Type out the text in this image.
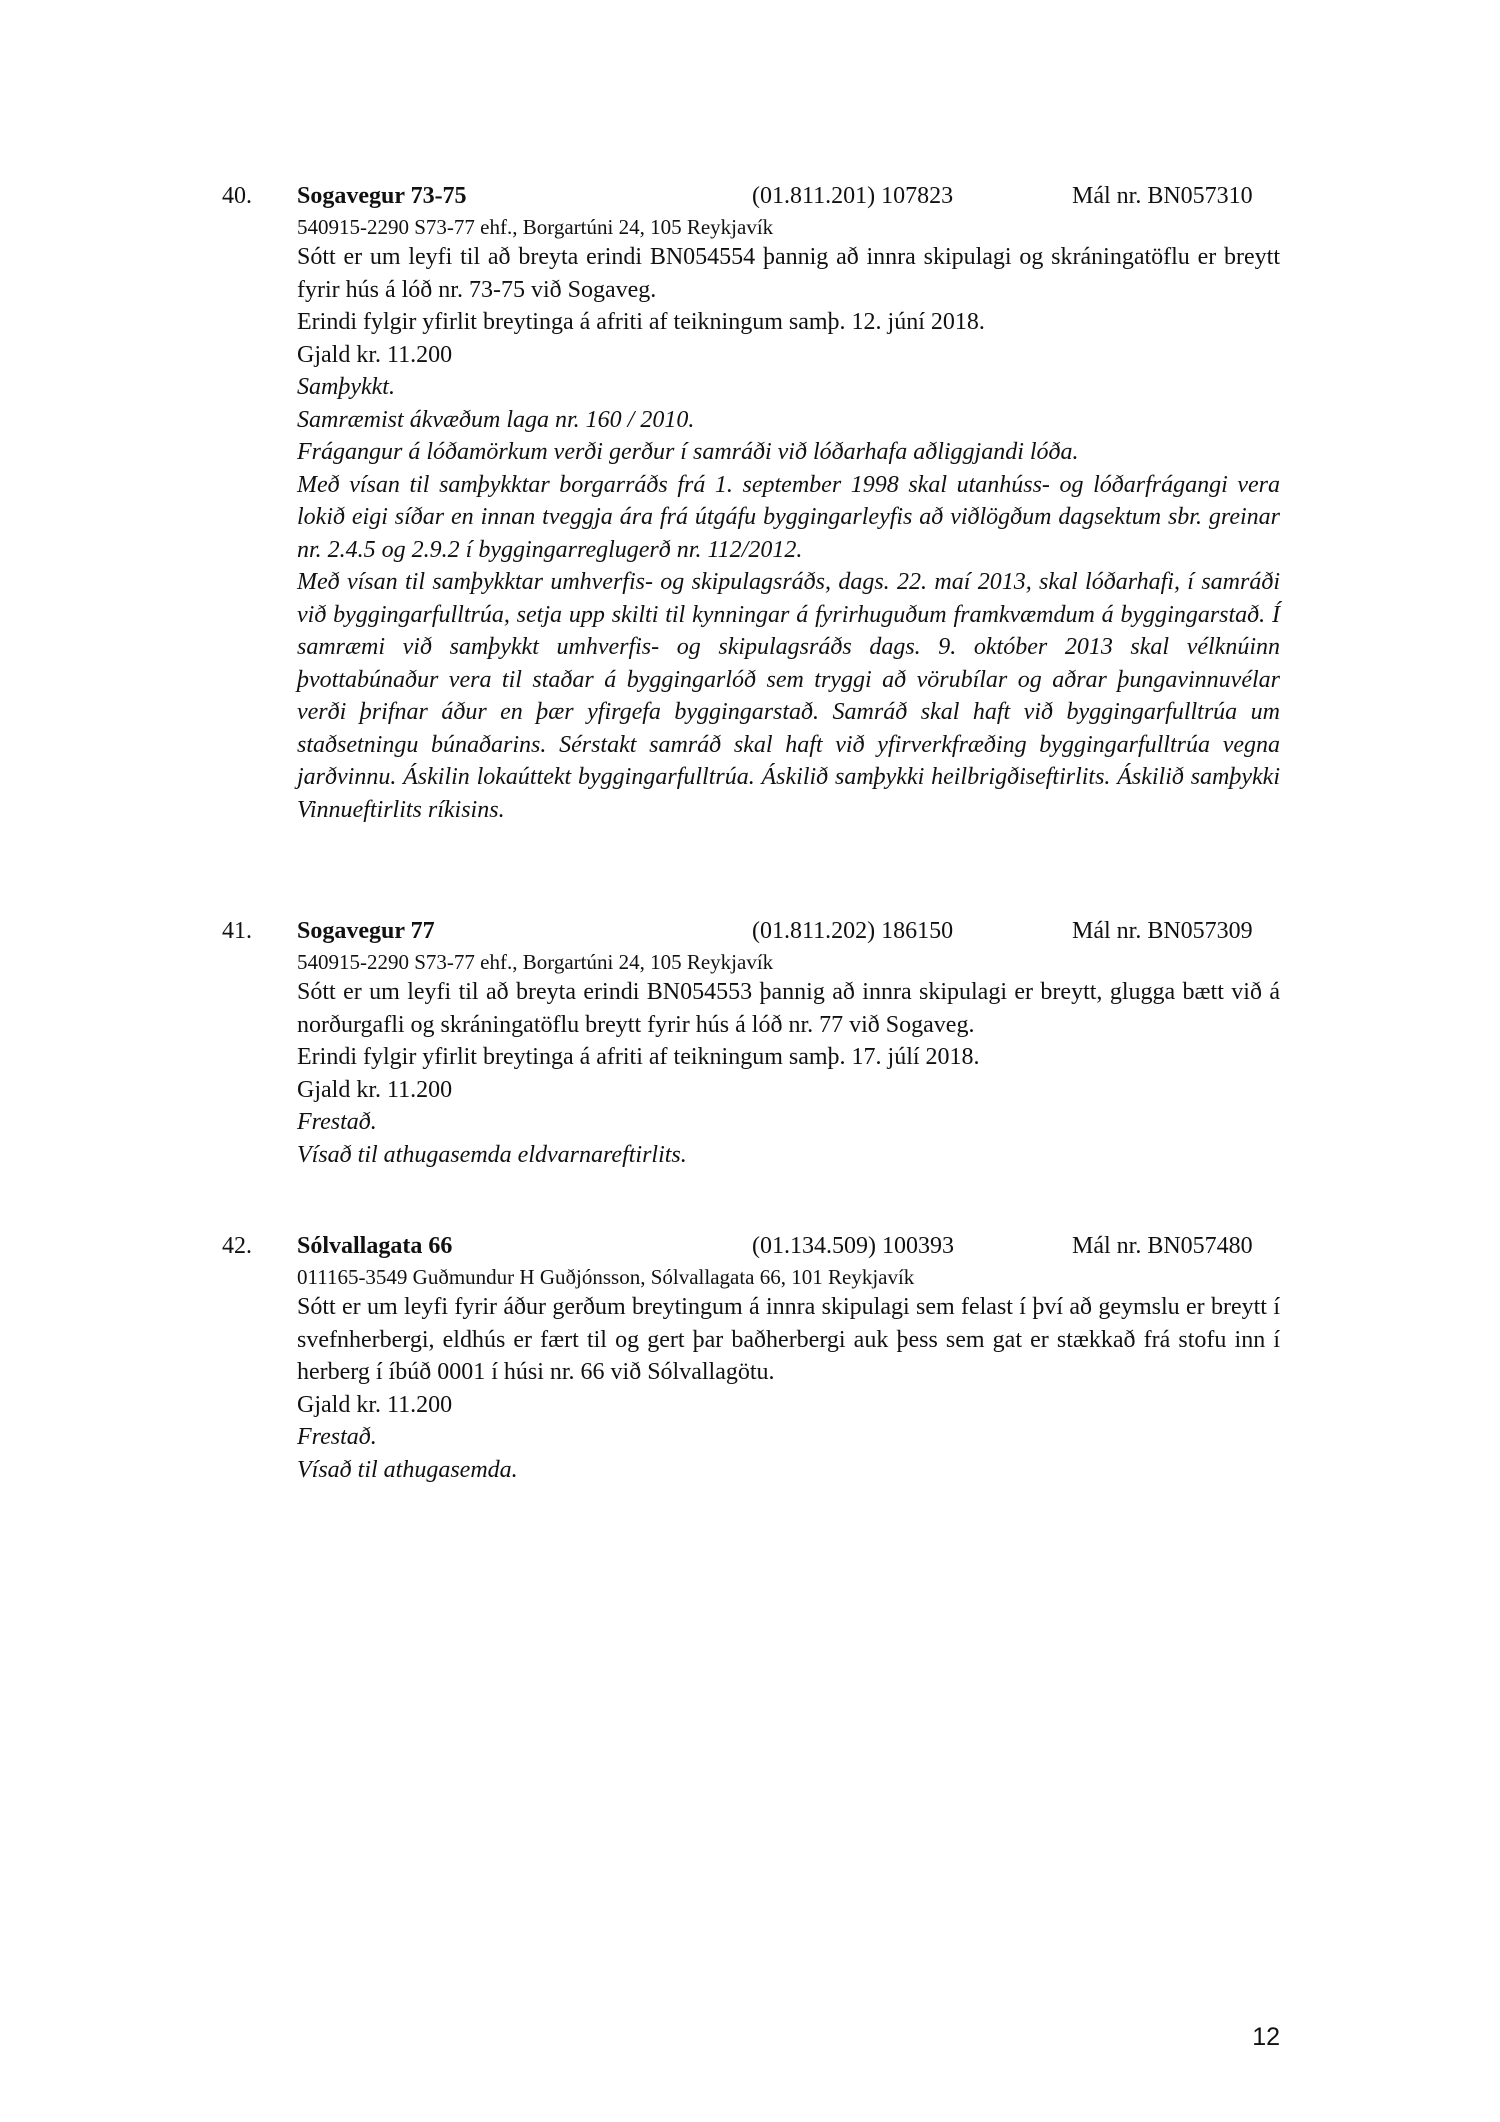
40. Sogavegur 73-75	(01.811.201) 107823	Mál nr. BN057310
540915-2290 S73-77 ehf., Borgartúni 24, 105 Reykjavík
Sótt er um leyfi til að breyta erindi BN054554 þannig að innra skipulagi og skráningatöflu er breytt fyrir hús á lóð nr. 73-75 við Sogaveg.
Erindi fylgir yfirlit breytinga á afriti af teikningum samþ. 12. júní 2018.
Gjald kr. 11.200
Samþykkt.
Samræmist ákvæðum laga nr. 160 / 2010.
Frágangur á lóðamörkum verði gerður í samráði við lóðarhafa aðliggjandi lóða.
Með vísan til samþykktar borgarráðs frá 1. september 1998 skal utanhúss- og lóðarfrágangi vera lokið eigi síðar en innan tveggja ára frá útgáfu byggingarleyfis að viðlögðum dagsektum sbr. greinar nr. 2.4.5 og 2.9.2 í byggingarreglugerð nr. 112/2012.
Með vísan til samþykktar umhverfis- og skipulagsráðs, dags. 22. maí 2013, skal lóðarhafi, í samráði við byggingarfulltrúa, setja upp skilti til kynningar á fyrirhuguðum framkvæmdum á byggingarstað. Í samræmi við samþykkt umhverfis- og skipulagsráðs dags. 9. október 2013 skal vélknúinn þvottabúnaður vera til staðar á byggingarlóð sem tryggi að vörubílar og aðrar þungavinnuvélar verði þrifnar áður en þær yfirgefa byggingarstað. Samráð skal haft við byggingarfulltrúa um staðsetningu búnaðarins. Sérstakt samráð skal haft við yfirverkfræðing byggingarfulltrúa vegna jarðvinnu. Áskilin lokaúttekt byggingarfulltrúa. Áskilið samþykki heilbrigðiseftirlits. Áskilið samþykki Vinnueftirlits ríkisins.
41. Sogavegur 77	(01.811.202) 186150	Mál nr. BN057309
540915-2290 S73-77 ehf., Borgartúni 24, 105 Reykjavík
Sótt er um leyfi til að breyta erindi BN054553 þannig að innra skipulagi er breytt, glugga bætt við á norðurgafli og skráningatöflu breytt fyrir hús á lóð nr. 77 við Sogaveg.
Erindi fylgir yfirlit breytinga á afriti af teikningum samþ. 17. júlí 2018.
Gjald kr. 11.200
Frestað.
Vísað til athugasemda eldvarnareftirlits.
42. Sólvallagata 66	(01.134.509) 100393	Mál nr. BN057480
011165-3549 Guðmundur H Guðjónsson, Sólvallagata 66, 101 Reykjavík
Sótt er um leyfi fyrir áður gerðum breytingum á innra skipulagi sem felast í því að geymslu er breytt í svefnherbergi, eldhús er fært til og gert þar baðherbergi auk þess sem gat er stækkað frá stofu inn í herberg í íbúð 0001 í húsi nr. 66 við Sólvallagötu.
Gjald kr. 11.200
Frestað.
Vísað til athugasemda.
12
